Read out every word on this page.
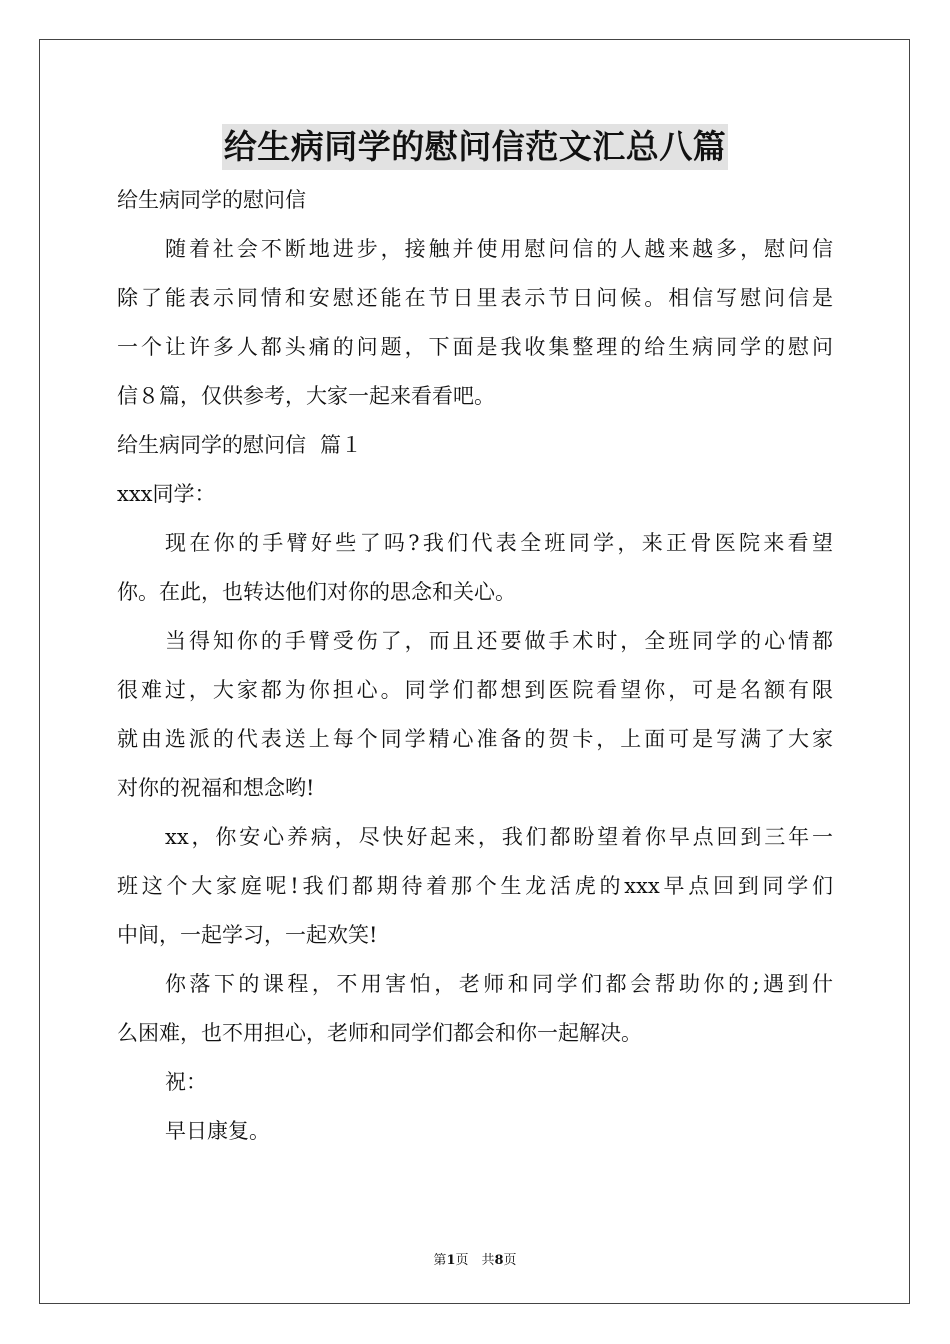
给生病同学的慰问信范文汇总八篇

给生病同学的慰问信

随着社会不断地进步，接触并使用慰问信的人越来越多，慰问信

除了能表示同情和安慰还能在节日里表示节日问候。相信写慰问信是

一个让许多人都头痛的问题，下面是我收集整理的给生病同学的慰问

信８篇，仅供参考，大家一起来看看吧。

给生病同学的慰问信 篇１

xxx同学：

现在你的手臂好些了吗?我们代表全班同学，来正骨医院来看望

你。在此，也转达他们对你的思念和关心。

当得知你的手臂受伤了，而且还要做手术时，全班同学的心情都

很难过，大家都为你担心。同学们都想到医院看望你，可是名额有限

就由选派的代表送上每个同学精心准备的贺卡，上面可是写满了大家

对你的祝福和想念哟!

xx，你安心养病，尽快好起来，我们都盼望着你早点回到三年一

班这个大家庭呢!我们都期待着那个生龙活虎的xxx早点回到同学们

中间，一起学习，一起欢笑!

你落下的课程，不用害怕，老师和同学们都会帮助你的;遇到什

么困难，也不用担心，老师和同学们都会和你一起解决。

祝：

早日康复。

第1页　共8页
